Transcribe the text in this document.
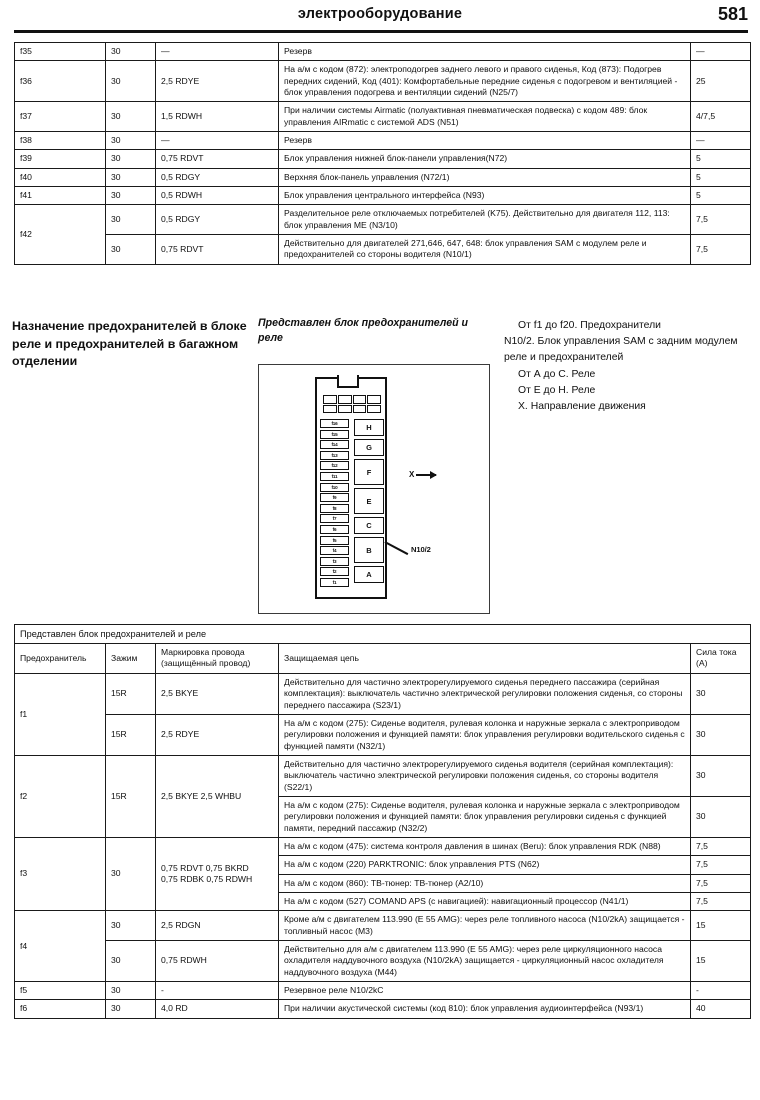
электрооборудование	581
f35	30	—	Резерв	—
f36	30	2,5 RDYE	На а/м с кодом (872): электроподогрев заднего левого и правого сиденья, Код (873): Подогрев передних сидений, Код (401): Комфортабельные передние сиденья с подогревом и вентиляцией - блок управления подогрева и вентиляции сидений (N25/7)	25
f37	30	1,5 RDWH	При наличии системы Airmatic (полуактивная пневматическая подвеска) с кодом 489: блок управления AIRmatic с системой ADS (N51)	4/7,5
f38	30	—	Резерв	—
f39	30	0,75 RDVT	Блок управления нижней блок-панели управления(N72)	5
f40	30	0,5 RDGY	Верхняя блок-панель управления (N72/1)	5
f41	30	0,5 RDWH	Блок управления центрального интерфейса (N93)	5
f42	30	0,5 RDGY	Разделительное реле отключаемых потребителей (K75). Действительно для двигателя 112, 113: блок управления ME (N3/10)	7,5
	30	0,75 RDVT	Действительно для двигателей 271,646, 647, 648: блок управления SAM с модулем реле и предохранителей со стороны водителя (N10/1)	7,5
Назначение предохранителей в блоке реле и предохранителей в багажном отделении
Представлен блок предохранителей и реле
От f1 до f20. Предохранители
N10/2. Блок управления SAM с задним модулем реле и предохранителей
От А до С. Реле
От Е до Н. Реле
X. Направление движения
f16
f15
f14
f13
f12
f11
f10
f9
f8
f7
f6
f5
f4
f3
f2
f1
H
G
F
E
C
B
A
X
N10/2
Представлен блок предохранителей и реле				
Предохранитель	Зажим	Маркировка провода
(защищённый провод)	Защищаемая цепь	Сила тока
(A)
f1	15R	2,5 BKYE	Действительно для частично электрорегулируемого сиденья переднего пассажира (серийная комплектация): выключатель частично электрической регулировки положения сиденья, со стороны переднего пассажира (S23/1)	30
	15R	2,5 RDYE	На а/м с кодом (275): Сиденье водителя, рулевая колонка и наружные зеркала с электроприводом регулировки положения и функцией памяти: блок управления регулировки водительского сиденья с функцией памяти (N32/1)	30
f2	15R	2,5 BKYE 2,5 WHBU	Действительно для частично электрорегулируемого сиденья водителя (серийная комплектация): выключатель частично электрической регулировки положения сиденья, со стороны водителя (S22/1)	30
			На а/м с кодом (275): Сиденье водителя, рулевая колонка и наружные зеркала с электроприводом регулировки положения и функцией памяти: блок управления регулировки сиденья с функцией памяти, передний пассажир (N32/2)	30
f3	30	0,75 RDVT 0,75 BKRD
0,75 RDBK 0,75 RDWH	На а/м с кодом (475): система контроля давления в шинах (Beru): блок управления RDK (N88)	7,5
			На а/м с кодом (220) PARKTRONIC: блок управления PTS (N62)	7,5
			На а/м с кодом (860): ТВ-тюнер: ТВ-тюнер (A2/10)	7,5
			На а/м с кодом (527) COMAND APS (с навигацией): навигационный процессор (N41/1)	7,5
f4	30	2,5 RDGN	Кроме а/м с двигателем 113.990 (E 55 AMG): через реле топливного насоса (N10/2kA) защищается - топливный насос (M3)	15
	30	0,75 RDWH	Действительно для а/м с двигателем 113.990 (E 55 AMG): через реле циркуляционного насоса охладителя наддувочного воздуха (N10/2kA) защищается - циркуляционный насос охладителя наддувочного воздуха (M44)	15
f5	30	-	Резервное реле N10/2kC	-
f6	30	4,0 RD	При наличии акустической системы (код 810): блок управления аудиоинтерфейса (N93/1)	40
